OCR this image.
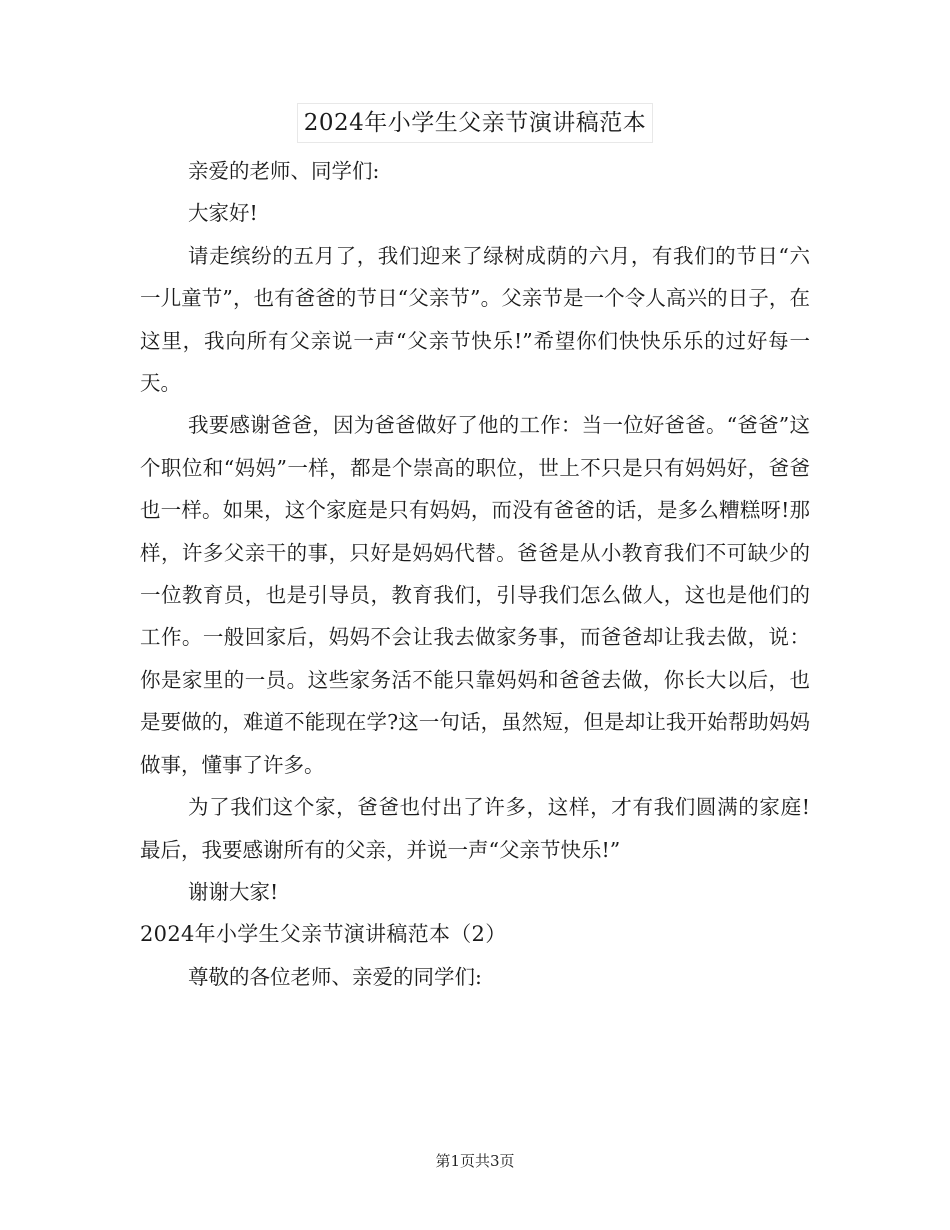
2024年小学生父亲节演讲稿范本

亲爱的老师、同学们:

大家好!

请走缤纷的五月了，我们迎来了绿树成荫的六月，有我们的节日“六一儿童节”，也有爸爸的节日“父亲节”。父亲节是一个令人高兴的日子，在这里，我向所有父亲说一声“父亲节快乐!”希望你们快快乐乐的过好每一天。

我要感谢爸爸，因为爸爸做好了他的工作：当一位好爸爸。“爸爸”这个职位和“妈妈”一样，都是个崇高的职位，世上不只是只有妈妈好，爸爸也一样。如果，这个家庭是只有妈妈，而没有爸爸的话，是多么糟糕呀!那样，许多父亲干的事，只好是妈妈代替。爸爸是从小教育我们不可缺少的一位教育员，也是引导员，教育我们，引导我们怎么做人，这也是他们的工作。一般回家后，妈妈不会让我去做家务事，而爸爸却让我去做，说：你是家里的一员。这些家务活不能只靠妈妈和爸爸去做，你长大以后，也是要做的，难道不能现在学?这一句话，虽然短，但是却让我开始帮助妈妈做事，懂事了许多。

为了我们这个家，爸爸也付出了许多，这样，才有我们圆满的家庭!最后，我要感谢所有的父亲，并说一声“父亲节快乐!”

谢谢大家!

2024年小学生父亲节演讲稿范本（2）

尊敬的各位老师、亲爱的同学们:

第1页共3页
